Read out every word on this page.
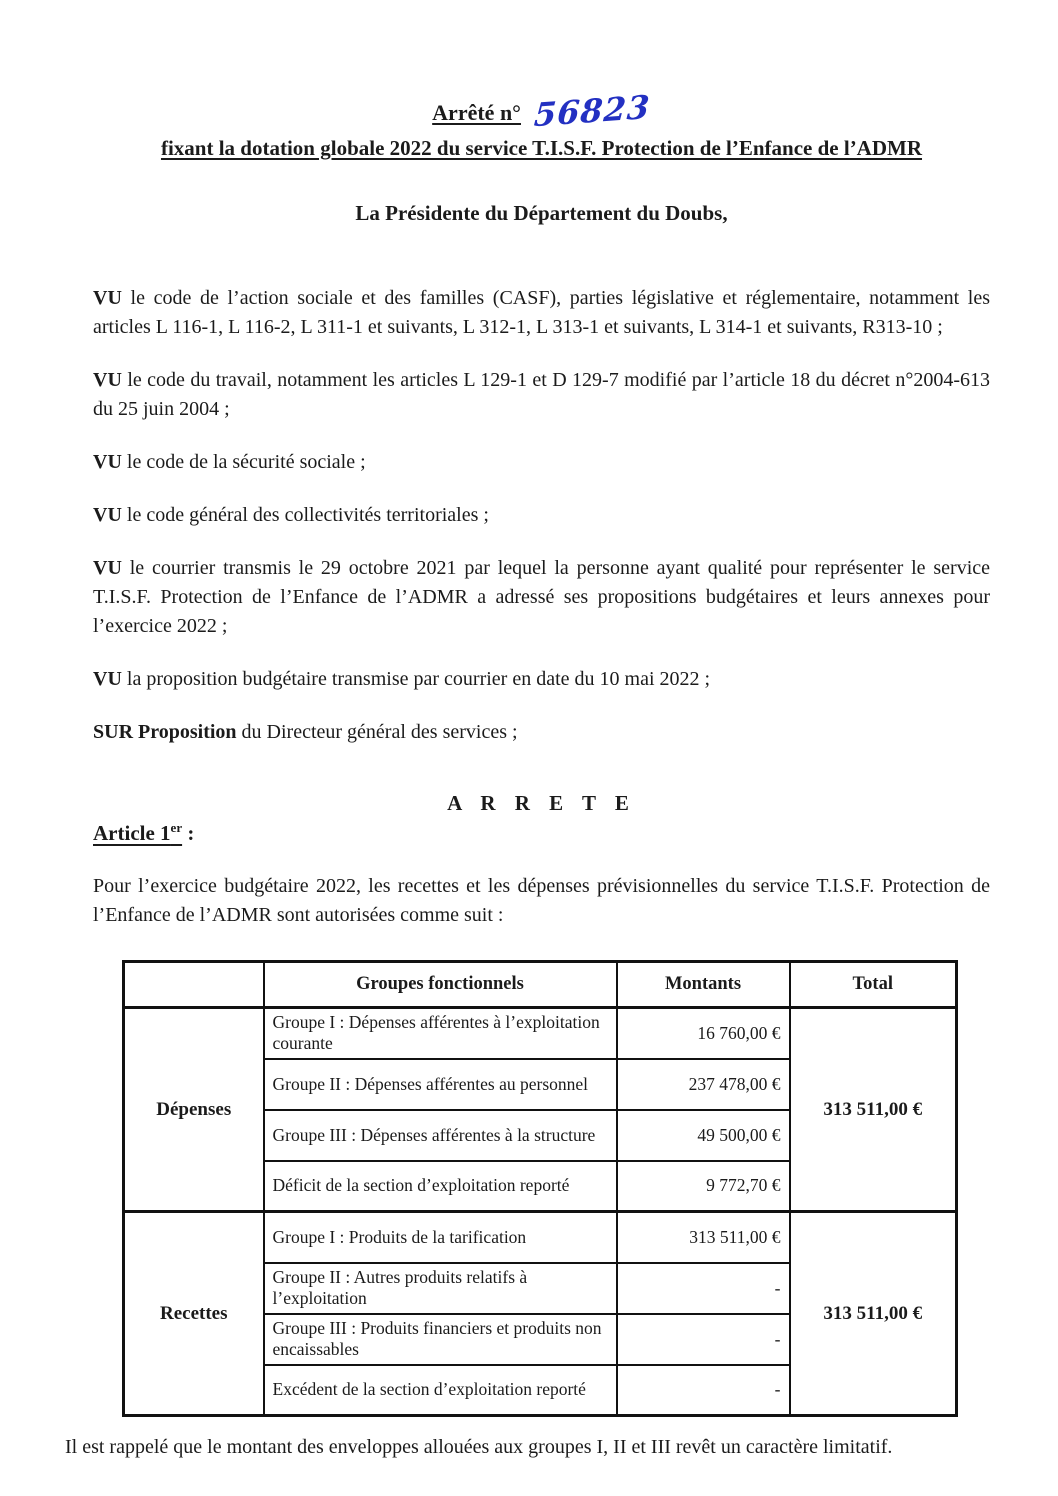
Arrêté n° 56823
fixant la dotation globale 2022 du service T.I.S.F. Protection de l’Enfance de l’ADMR
La Présidente du Département du Doubs,

VU le code de l’action sociale et des familles (CASF), parties législative et réglementaire, notamment les articles L 116-1, L 116-2, L 311-1 et suivants, L 312-1, L 313-1 et suivants, L 314-1 et suivants, R313-10 ;

VU le code du travail, notamment les articles L 129-1 et D 129-7 modifié par l’article 18 du décret n°2004-613 du 25 juin 2004 ;

VU le code de la sécurité sociale ;

VU le code général des collectivités territoriales ;

VU le courrier transmis le 29 octobre 2021 par lequel la personne ayant qualité pour représenter le service T.I.S.F. Protection de l’Enfance de l’ADMR a adressé ses propositions budgétaires et leurs annexes pour l’exercice 2022 ;

VU la proposition budgétaire transmise par courrier en date du 10 mai 2022 ;

SUR Proposition du Directeur général des services ;

A R R E T E
Article 1er :

Pour l’exercice budgétaire 2022, les recettes et les dépenses prévisionnelles du service T.I.S.F. Protection de l’Enfance de l’ADMR sont autorisées comme suit :

	Groupes fonctionnels	Montants	Total
Dépenses	Groupe I : Dépenses afférentes à l’exploitation courante	16 760,00 €	313 511,00 €
	Groupe II : Dépenses afférentes au personnel	237 478,00 €	
	Groupe III : Dépenses afférentes à la structure	49 500,00 €	
	Déficit de la section d’exploitation reporté	9 772,70 €	
Recettes	Groupe I : Produits de la tarification	313 511,00 €	313 511,00 €
	Groupe II : Autres produits relatifs à l’exploitation	-	
	Groupe III : Produits financiers et produits non encaissables	-	
	Excédent de la section d’exploitation reporté	-	

Il est rappelé que le montant des enveloppes allouées aux groupes I, II et III revêt un caractère limitatif.
